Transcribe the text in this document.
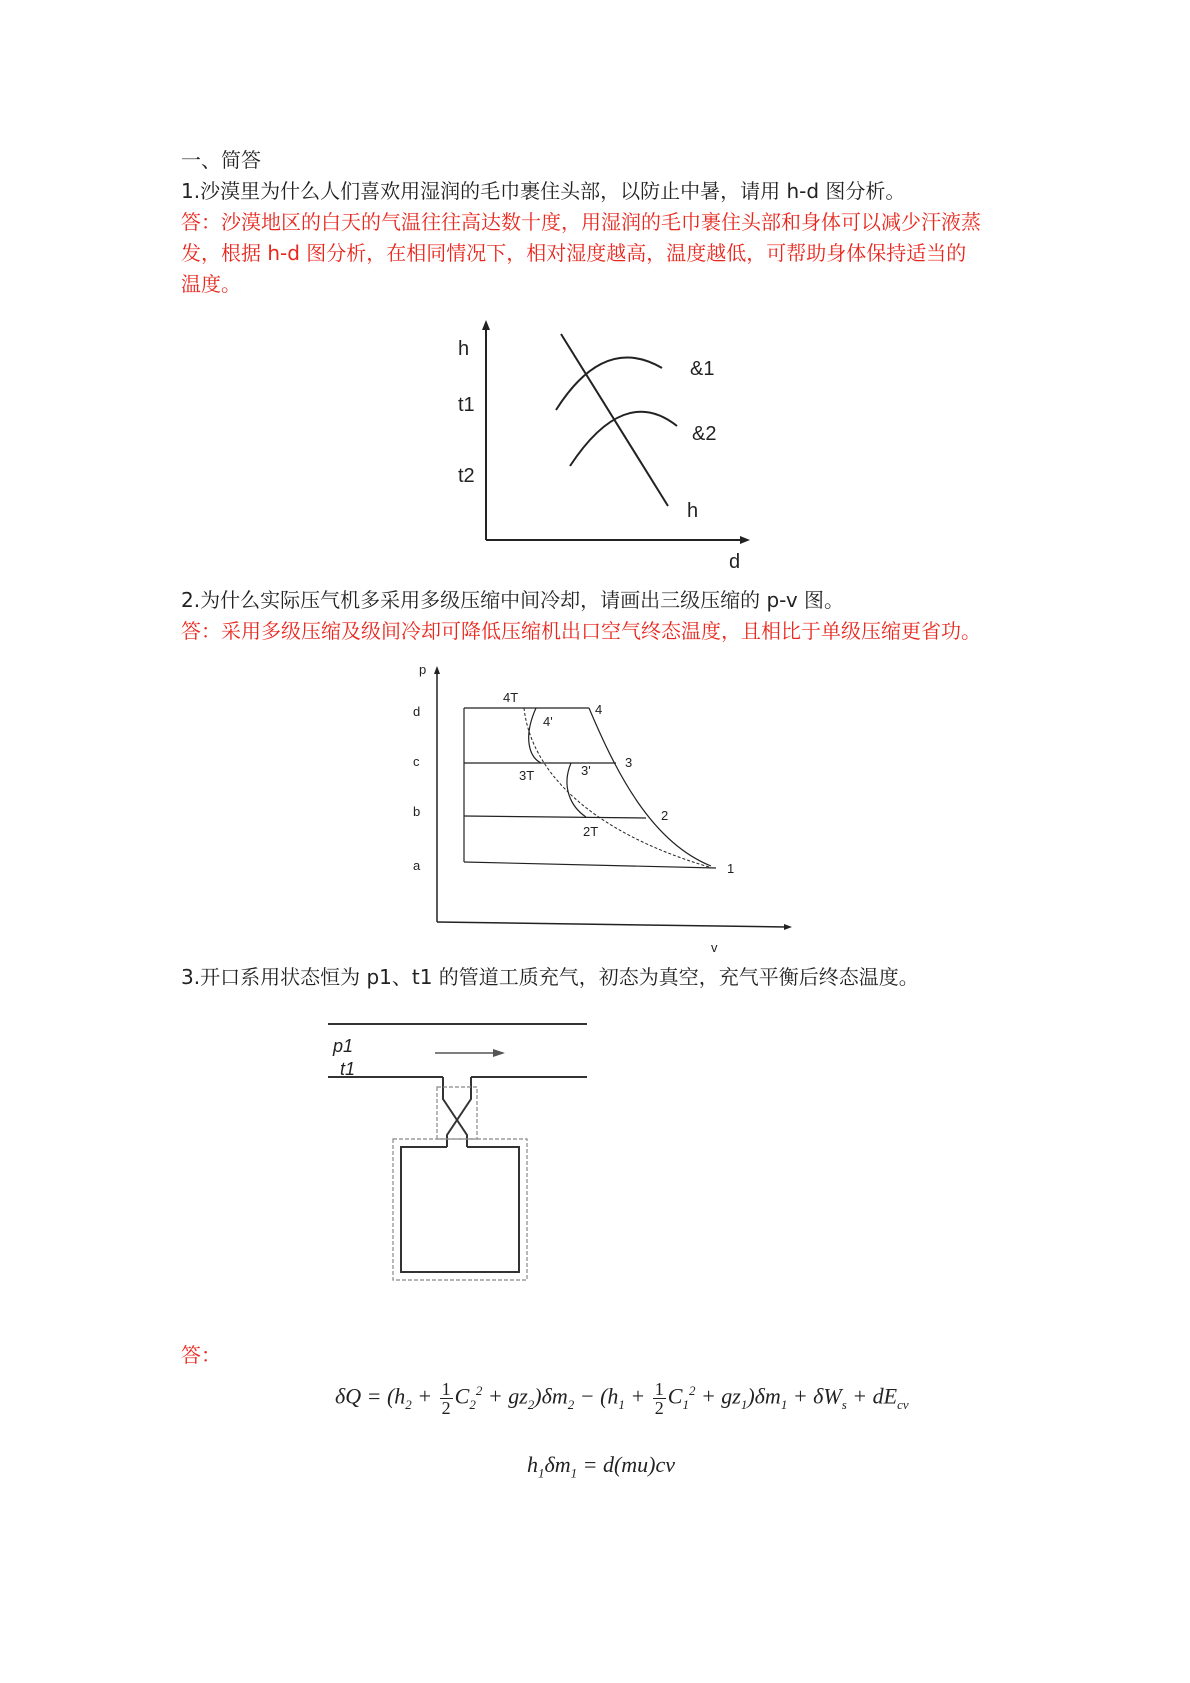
一、简答
1.沙漠里为什么人们喜欢用湿润的毛巾裹住头部，以防止中暑，请用 h-d 图分析。
答：沙漠地区的白天的气温往往高达数十度，用湿润的毛巾裹住头部和身体可以减少汗液蒸
发，根据 h-d 图分析，在相同情况下，相对湿度越高，温度越低，可帮助身体保持适当的
温度。
h
d
t1
t2
&1
&2
h
2.为什么实际压气机多采用多级压缩中间冷却，请画出三级压缩的 p-v 图。
答：采用多级压缩及级间冷却可降低压缩机出口空气终态温度，且相比于单级压缩更省功。
p
v
a
b
c
d
1
2
3
4
2T
3T
4T
3'
4'
3.开口系用状态恒为 p1、t1 的管道工质充气，初态为真空，充气平衡后终态温度。
p1
t1
答：
$\delta Q = (h_2 + \frac{1}{2} C_2^2 + gz_2)\delta m_2 - (h_1 + \frac{1}{2} C_1^2 + gz_1)\delta m_1 + \delta W_s + dE_{cv}$
$h_1\delta m_1 = d(mu)cv$
